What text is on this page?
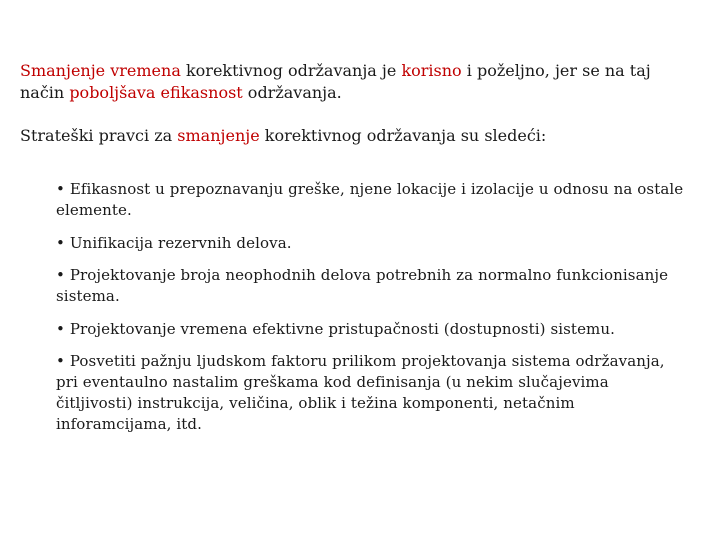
Smanjenje vremena korektivnog održavanja je korisno i poželjno, jer se na taj način poboljšava efikasnost održavanja.

Strateški pravci za smanjenje korektivnog održavanja su sledeći:

• Efikasnost u prepoznavanju greške, njene lokacije i izolacije u odnosu na ostale elemente.
• Unifikacija rezervnih delova.
• Projektovanje broja neophodnih delova potrebnih za normalno funkcionisanje sistema.
• Projektovanje vremena efektivne pristupačnosti (dostupnosti) sistemu.
• Posvetiti pažnju ljudskom faktoru prilikom projektovanja sistema održavanja, pri eventaulno nastalim greškama kod definisanja (u nekim slučajevima čitljivosti) instrukcija, veličina, oblik i težina komponenti, netačnim inforamcijama, itd.
